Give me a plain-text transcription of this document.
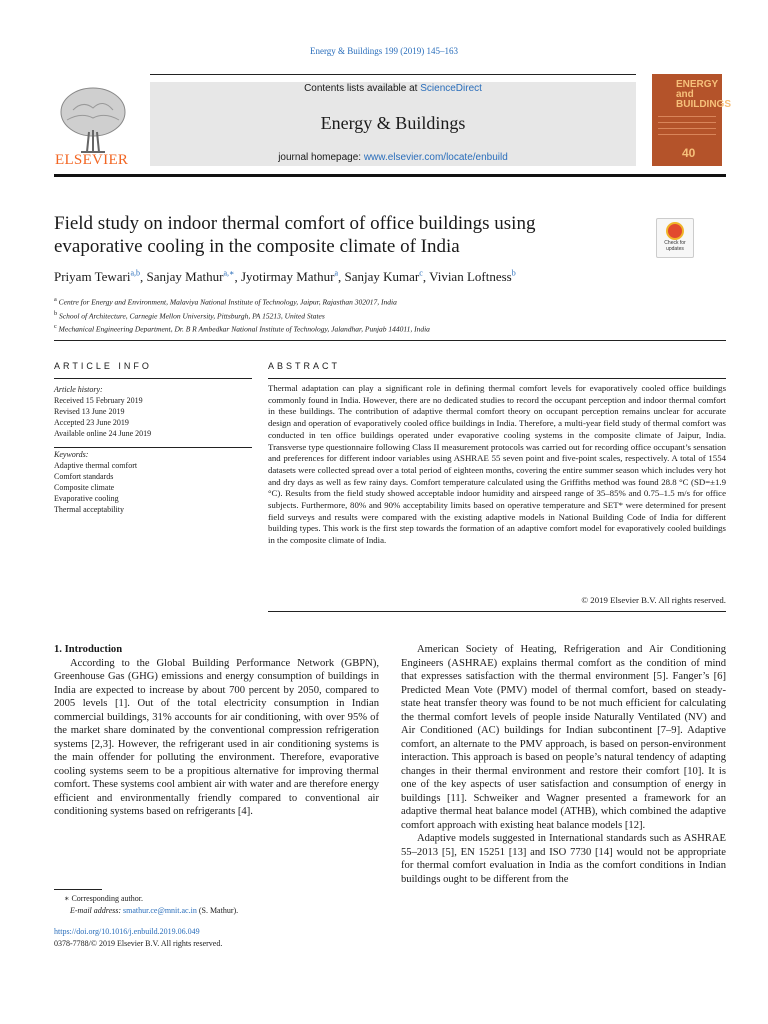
Energy & Buildings 199 (2019) 145–163
ELSEVIER
Contents lists available at ScienceDirect
Energy & Buildings
journal homepage: www.elsevier.com/locate/enbuild
ENERGY
and
BUILDINGS
40
Field study on indoor thermal comfort of office buildings using
evaporative cooling in the composite climate of India	Check for updates
Priyam Tewari$^{a,b}$, Sanjay Mathur$^{a,∗}$, Jyotirmay Mathur$^a$, Sanjay Kumar$^c$, Vivian Loftness$^b$
$^a$ Centre for Energy and Environment, Malaviya National Institute of Technology, Jaipur, Rajasthan 302017, India
$^b$ School of Architecture, Carnegie Mellon University, Pittsburgh, PA 15213, United States
$^c$ Mechanical Engineering Department, Dr. B R Ambedkar National Institute of Technology, Jalandhar, Punjab 144011, India
ARTICLE INFO
Article history:
Received 15 February 2019
Revised 13 June 2019
Accepted 23 June 2019
Available online 24 June 2019
Keywords:
Adaptive thermal comfort
Comfort standards
Composite climate
Evaporative cooling
Thermal acceptability
ABSTRACT
Thermal adaptation can play a significant role in defining thermal comfort levels for evaporatively cooled office buildings commonly found in India. However, there are no dedicated studies to record the occupant perception and indoor thermal comfort in these buildings. The contribution of adaptive thermal comfort theory on occupant perception remains unclear for accurate design and operation of evaporatively cooled office buildings in India. Therefore, a multi-year field study of thermal comfort was conducted in ten office buildings operated under evaporative cooling systems in the composite climate of Jaipur, India. Transverse type questionnaire following Class II measurement protocols was carried out for recording office occupant’s sensation and preferences for different indoor variables using ASHRAE 55 seven point and five-point scales, respectively. A total of 1554 datasets were collected spread over a total period of eighteen months, covering the entire summer season which includes very hot and dry days as well as few rainy days. Comfort temperature calculated using the Griffiths method was found 28.8 °C (SD=±1.9 °C). Results from the field study showed acceptable indoor humidity and airspeed range of 35–85% and 0.75–1.5 m/s for office subjects. Furthermore, 80% and 90% acceptability limits based on operative temperature and SET* were determined for present field surveys and results were compared with the existing adaptive models in National Building Code of India for different building types. This work is the first step towards the formation of an adaptive comfort model for evaporatively cooled buildings in the composite climate of India.
© 2019 Elsevier B.V. All rights reserved.

1. Introduction

According to the Global Building Performance Network (GBPN), Greenhouse Gas (GHG) emissions and energy consumption of buildings in India are expected to increase by about 700 percent by 2050, compared to 2005 levels [1]. Out of the total electricity consumption in Indian commercial buildings, 31% accounts for air conditioning, with over 95% of the market share dominated by the conventional compression refrigeration systems [2,3]. However, the refrigerant used in air conditioning systems is the main offender for polluting the environment. Therefore, evaporative cooling systems seem to be a propitious alternative for improving thermal comfort. These systems cool ambient air with water and are therefore energy efficient and environmentally friendly compared to conventional air conditioning systems based on refrigerants [4].

American Society of Heating, Refrigeration and Air Conditioning Engineers (ASHRAE) explains thermal comfort as the condition of mind that expresses satisfaction with the thermal environment [5]. Fanger’s [6] Predicted Mean Vote (PMV) model of thermal comfort, based on steady-state heat transfer theory was found to be not much efficient for calculating the thermal comfort levels of people inside Naturally Ventilated (NV) and Air Conditioned (AC) buildings for Indian subcontinent [7–9]. Adaptive comfort, an alternate to the PMV approach, is based on person-environment interaction. This approach is based on people’s natural tendency of adapting changes in their thermal environment and restore their comfort [10]. It is one of the key aspects of user satisfaction and consumption of energy in buildings [11]. Schweiker and Wagner presented a framework for an adaptive thermal heat balance model (ATHB), which combined the adaptive comfort approach with existing heat balance models [12].

Adaptive models suggested in International standards such as ASHRAE 55–2013 [5], EN 15251 [13] and ISO 7730 [14] would not be appropriate for thermal comfort evaluation in India as the comfort conditions in Indian buildings ought to be different from the

∗ Corresponding author.
E-mail address: smathur.ce@mnit.ac.in (S. Mathur).
https://doi.org/10.1016/j.enbuild.2019.06.049
0378-7788/© 2019 Elsevier B.V. All rights reserved.
